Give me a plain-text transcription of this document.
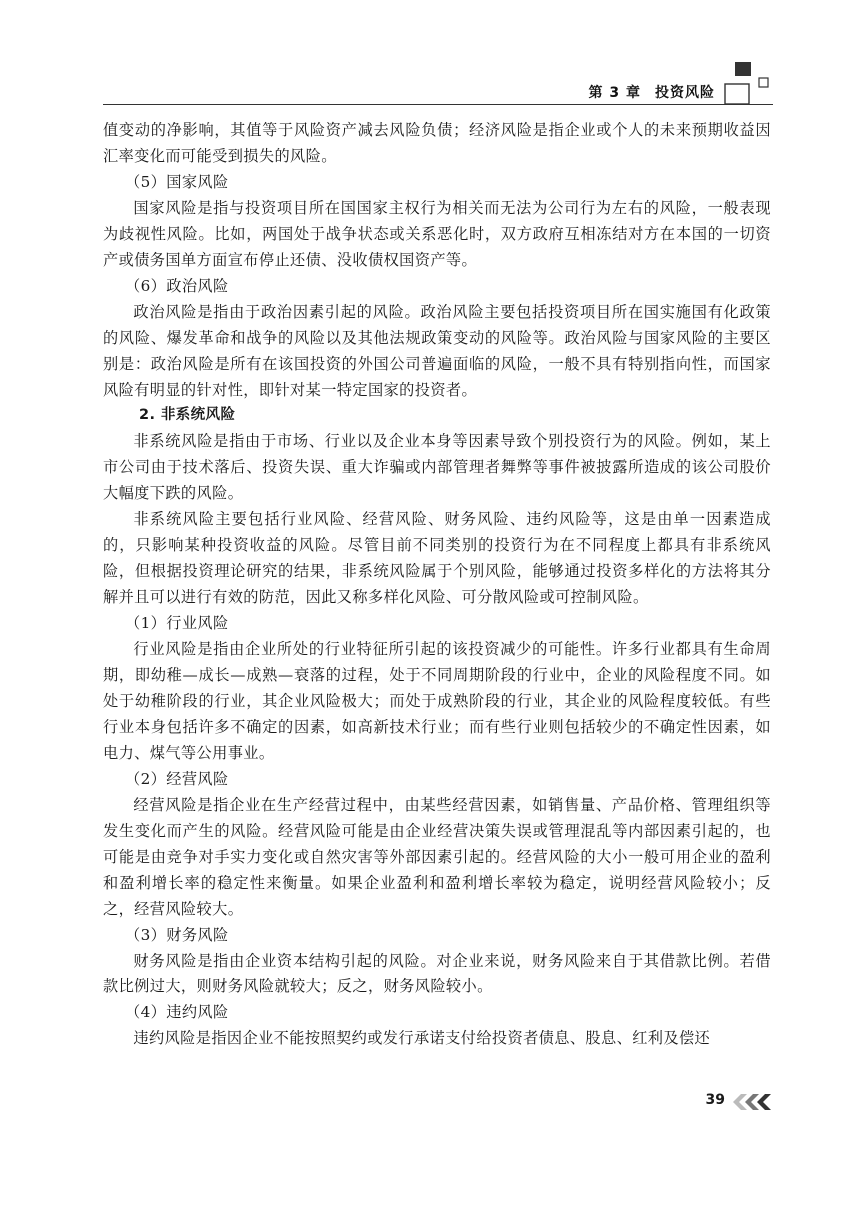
第 3 章 投资风险

值变动的净影响，其值等于风险资产减去风险负债；经济风险是指企业或个人的未来预期收益因汇率变化而可能受到损失的风险。

（5）国家风险

国家风险是指与投资项目所在国国家主权行为相关而无法为公司行为左右的风险，一般表现为歧视性风险。比如，两国处于战争状态或关系恶化时，双方政府互相冻结对方在本国的一切资产或债务国单方面宣布停止还债、没收债权国资产等。

（6）政治风险

政治风险是指由于政治因素引起的风险。政治风险主要包括投资项目所在国实施国有化政策的风险、爆发革命和战争的风险以及其他法规政策变动的风险等。政治风险与国家风险的主要区别是：政治风险是所有在该国投资的外国公司普遍面临的风险，一般不具有特别指向性，而国家风险有明显的针对性，即针对某一特定国家的投资者。

2. 非系统风险

非系统风险是指由于市场、行业以及企业本身等因素导致个别投资行为的风险。例如，某上市公司由于技术落后、投资失误、重大诈骗或内部管理者舞弊等事件被披露所造成的该公司股价大幅度下跌的风险。

非系统风险主要包括行业风险、经营风险、财务风险、违约风险等，这是由单一因素造成的，只影响某种投资收益的风险。尽管目前不同类别的投资行为在不同程度上都具有非系统风险，但根据投资理论研究的结果，非系统风险属于个别风险，能够通过投资多样化的方法将其分解并且可以进行有效的防范，因此又称多样化风险、可分散风险或可控制风险。

（1）行业风险

行业风险是指由企业所处的行业特征所引起的该投资减少的可能性。许多行业都具有生命周期，即幼稚—成长—成熟—衰落的过程，处于不同周期阶段的行业中，企业的风险程度不同。如处于幼稚阶段的行业，其企业风险极大；而处于成熟阶段的行业，其企业的风险程度较低。有些行业本身包括许多不确定的因素，如高新技术行业；而有些行业则包括较少的不确定性因素，如电力、煤气等公用事业。

（2）经营风险

经营风险是指企业在生产经营过程中，由某些经营因素，如销售量、产品价格、管理组织等发生变化而产生的风险。经营风险可能是由企业经营决策失误或管理混乱等内部因素引起的，也可能是由竞争对手实力变化或自然灾害等外部因素引起的。经营风险的大小一般可用企业的盈利和盈利增长率的稳定性来衡量。如果企业盈利和盈利增长率较为稳定，说明经营风险较小；反之，经营风险较大。

（3）财务风险

财务风险是指由企业资本结构引起的风险。对企业来说，财务风险来自于其借款比例。若借款比例过大，则财务风险就较大；反之，财务风险较小。

（4）违约风险

违约风险是指因企业不能按照契约或发行承诺支付给投资者债息、股息、红利及偿还

39
